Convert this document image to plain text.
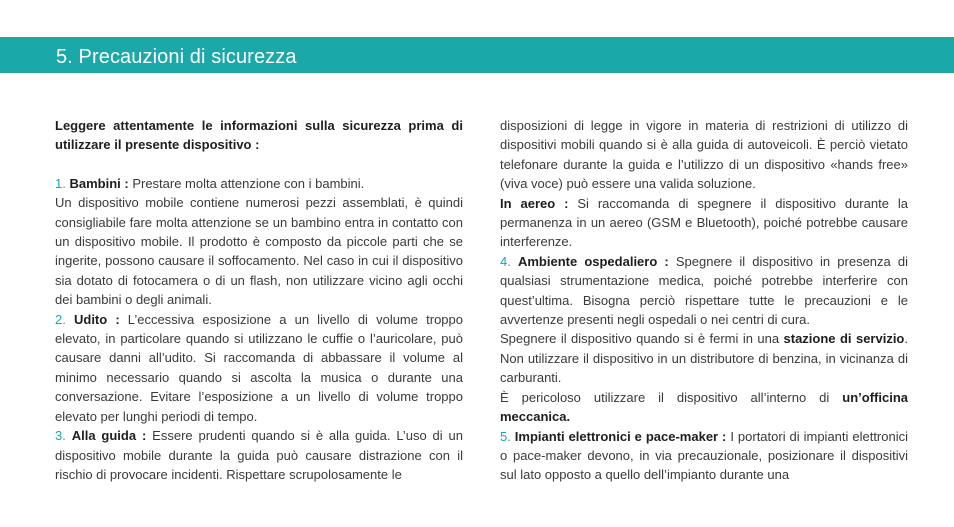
5. Precauzioni di sicurezza

Leggere attentamente le informazioni sulla sicurezza prima di utilizzare il presente dispositivo :

1. Bambini : Prestare molta attenzione con i bambini.

Un dispositivo mobile contiene numerosi pezzi assemblati, è quindi consigliabile fare molta attenzione se un bambino entra in contatto con un dispositivo mobile. Il prodotto è composto da piccole parti che se ingerite, possono causare il soffocamento. Nel caso in cui il dispositivo sia dotato di fotocamera o di un flash, non utilizzare vicino agli occhi dei bambini o degli animali.

2. Udito : L’eccessiva esposizione a un livello di volume troppo elevato, in particolare quando si utilizzano le cuffie o l’auricolare, può causare danni all’udito. Si raccomanda di abbassare il volume al minimo necessario quando si ascolta la musica o durante una conversazione. Evitare l’esposizione a un livello di volume troppo elevato per lunghi periodi di tempo.

3. Alla guida : Essere prudenti quando si è alla guida. L’uso di un dispositivo mobile durante la guida può causare distrazione con il rischio di provocare incidenti. Rispettare scrupolosamente le

disposizioni di legge in vigore in materia di restrizioni di utilizzo di dispositivi mobili quando si è alla guida di autoveicoli. È perciò vietato telefonare durante la guida e l’utilizzo di un dispositivo «hands free» (viva voce) può essere una valida soluzione.

In aereo : Si raccomanda di spegnere il dispositivo durante la permanenza in un aereo (GSM e Bluetooth), poiché potrebbe causare interferenze.

4. Ambiente ospedaliero : Spegnere il dispositivo in presenza di qualsiasi strumentazione medica, poiché potrebbe interferire con quest’ultima. Bisogna perciò rispettare tutte le precauzioni e le avvertenze presenti negli ospedali o nei centri di cura.

Spegnere il dispositivo quando si è fermi in una stazione di servizio. Non utilizzare il dispositivo in un distributore di benzina, in vicinanza di carburanti.

È pericoloso utilizzare il dispositivo all’interno di un’officina meccanica.

5. Impianti elettronici e pace-maker : I portatori di impianti elettronici o pace-maker devono, in via precauzionale, posizionare il dispositivi sul lato opposto a quello dell’impianto durante una
